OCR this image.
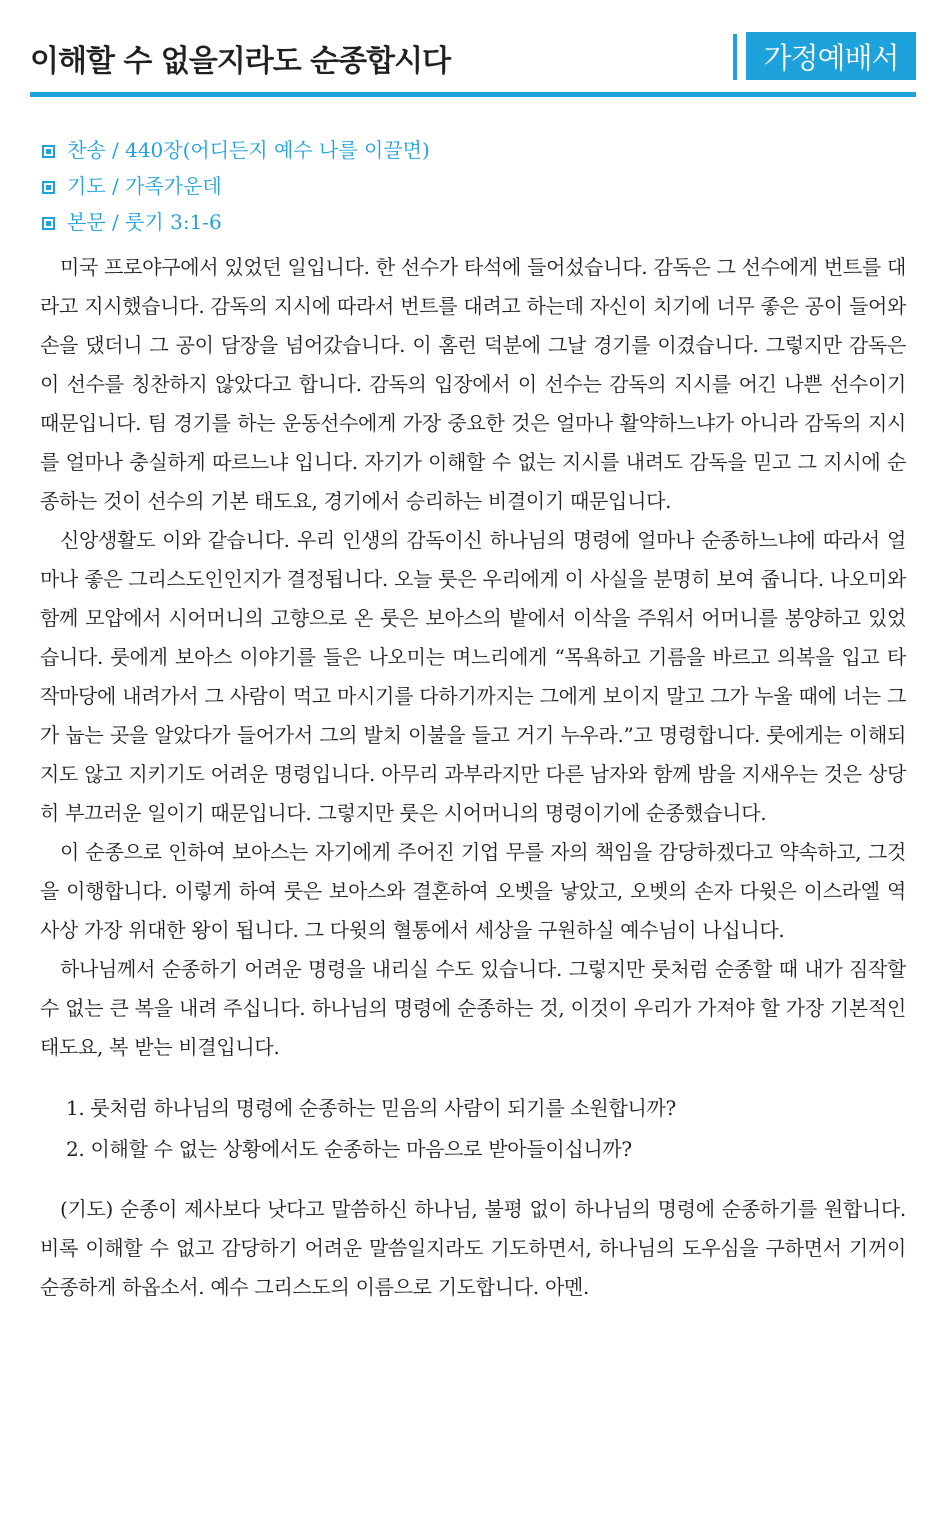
이해할 수 없을지라도 순종합시다	가정예배서
찬송 / 440장(어디든지 예수 나를 이끌면)
기도 / 가족가운데
본문 / 룻기 3:1-6

미국 프로야구에서 있었던 일입니다. 한 선수가 타석에 들어섰습니다. 감독은 그 선수에게 번트를 대라고 지시했습니다. 감독의 지시에 따라서 번트를 대려고 하는데 자신이 치기에 너무 좋은 공이 들어와 손을 댔더니 그 공이 담장을 넘어갔습니다. 이 홈런 덕분에 그날 경기를 이겼습니다. 그렇지만 감독은 이 선수를 칭찬하지 않았다고 합니다. 감독의 입장에서 이 선수는 감독의 지시를 어긴 나쁜 선수이기 때문입니다. 팀 경기를 하는 운동선수에게 가장 중요한 것은 얼마나 활약하느냐가 아니라 감독의 지시를 얼마나 충실하게 따르느냐 입니다. 자기가 이해할 수 없는 지시를 내려도 감독을 믿고 그 지시에 순종하는 것이 선수의 기본 태도요, 경기에서 승리하는 비결이기 때문입니다.

신앙생활도 이와 같습니다. 우리 인생의 감독이신 하나님의 명령에 얼마나 순종하느냐에 따라서 얼마나 좋은 그리스도인인지가 결정됩니다. 오늘 룻은 우리에게 이 사실을 분명히 보여 줍니다. 나오미와 함께 모압에서 시어머니의 고향으로 온 룻은 보아스의 밭에서 이삭을 주워서 어머니를 봉양하고 있었습니다. 룻에게 보아스 이야기를 들은 나오미는 며느리에게 “목욕하고 기름을 바르고 의복을 입고 타작마당에 내려가서 그 사람이 먹고 마시기를 다하기까지는 그에게 보이지 말고 그가 누울 때에 너는 그가 눕는 곳을 알았다가 들어가서 그의 발치 이불을 들고 거기 누우라.”고 명령합니다. 룻에게는 이해되지도 않고 지키기도 어려운 명령입니다. 아무리 과부라지만 다른 남자와 함께 밤을 지새우는 것은 상당히 부끄러운 일이기 때문입니다. 그렇지만 룻은 시어머니의 명령이기에 순종했습니다.

이 순종으로 인하여 보아스는 자기에게 주어진 기업 무를 자의 책임을 감당하겠다고 약속하고, 그것을 이행합니다. 이렇게 하여 룻은 보아스와 결혼하여 오벳을 낳았고, 오벳의 손자 다윗은 이스라엘 역사상 가장 위대한 왕이 됩니다. 그 다윗의 혈통에서 세상을 구원하실 예수님이 나십니다.

하나님께서 순종하기 어려운 명령을 내리실 수도 있습니다. 그렇지만 룻처럼 순종할 때 내가 짐작할 수 없는 큰 복을 내려 주십니다. 하나님의 명령에 순종하는 것, 이것이 우리가 가져야 할 가장 기본적인 태도요, 복 받는 비결입니다.

1. 룻처럼 하나님의 명령에 순종하는 믿음의 사람이 되기를 소원합니까?
2. 이해할 수 없는 상황에서도 순종하는 마음으로 받아들이십니까?

(기도) 순종이 제사보다 낫다고 말씀하신 하나님, 불평 없이 하나님의 명령에 순종하기를 원합니다. 비록 이해할 수 없고 감당하기 어려운 말씀일지라도 기도하면서, 하나님의 도우심을 구하면서 기꺼이 순종하게 하옵소서. 예수 그리스도의 이름으로 기도합니다. 아멘.
